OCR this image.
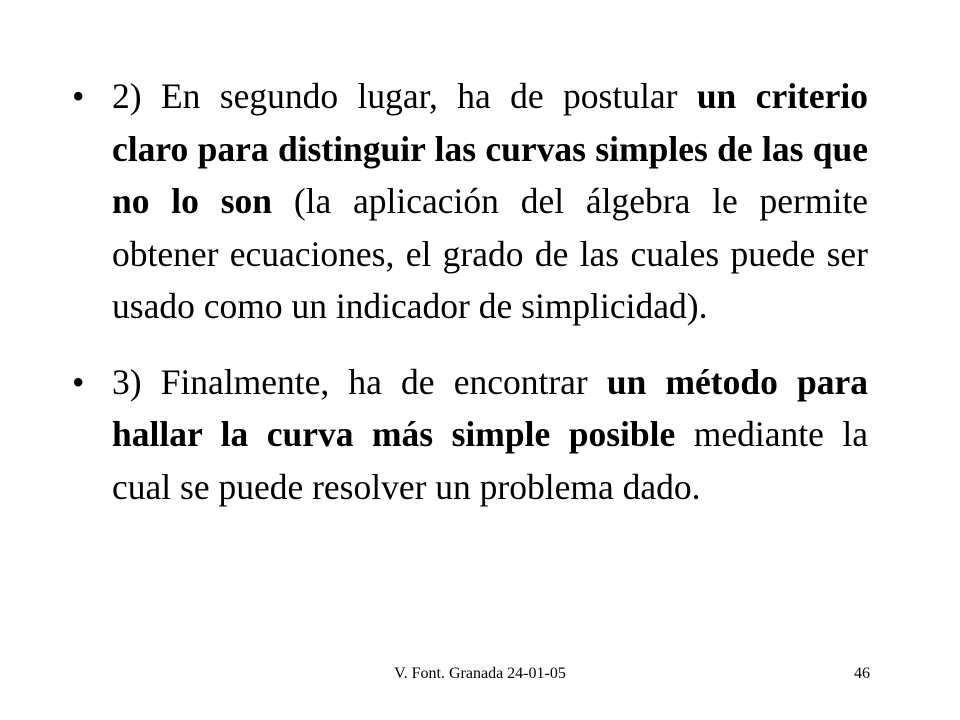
• 2) En segundo lugar, ha de postular un criterio claro para distinguir las curvas simples de las que no lo son (la aplicación del álgebra le permite obtener ecuaciones, el grado de las cuales puede ser usado como un indicador de simplicidad).
• 3) Finalmente, ha de encontrar un método para hallar la curva más simple posible mediante la cual se puede resolver un problema dado.
V. Font. Granada 24-01-05	46
